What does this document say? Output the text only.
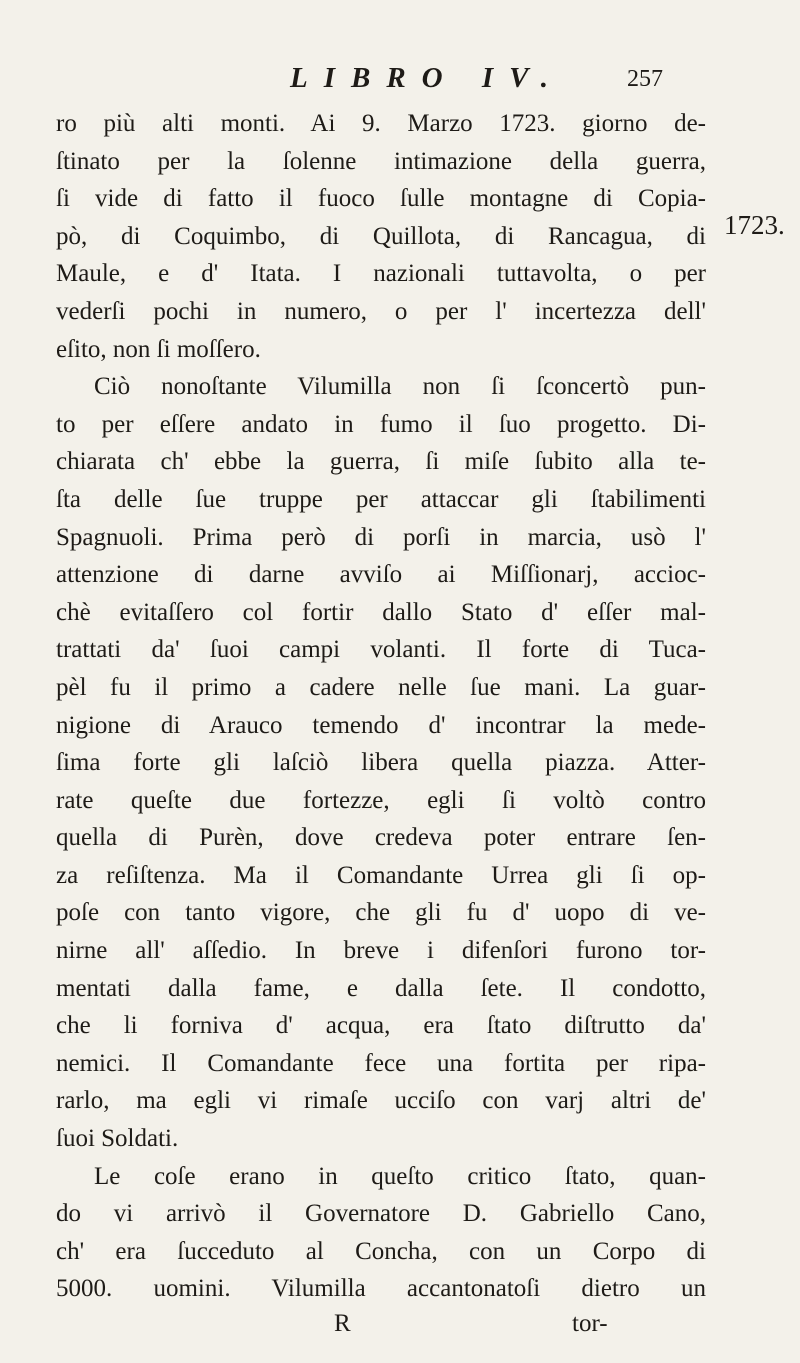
LIBRO IV.	257
1723.
ro più alti monti. Ai 9. Marzo 1723. giorno de-
ſtinato per la ſolenne intimazione della guerra,
ſi vide di fatto il fuoco ſulle montagne di Copia-
pò, di Coquimbo, di Quillota, di Rancagua, di
Maule, e d' Itata. I nazionali tuttavolta, o per
vederſi pochi in numero, o per l' incertezza dell'
eſito, non ſi moſſero.
Ciò nonoſtante Vilumilla non ſi ſconcertò pun-
to per eſſere andato in fumo il ſuo progetto. Di-
chiarata ch' ebbe la guerra, ſi miſe ſubito alla te-
ſta delle ſue truppe per attaccar gli ſtabilimenti
Spagnuoli. Prima però di porſi in marcia, usò l'
attenzione di darne avviſo ai Miſſionarj, accioc-
chè evitaſſero col fortir dallo Stato d' eſſer mal-
trattati da' ſuoi campi volanti. Il forte di Tuca-
pèl fu il primo a cadere nelle ſue mani. La guar-
nigione di Arauco temendo d' incontrar la mede-
ſima forte gli laſciò libera quella piazza. Atter-
rate queſte due fortezze, egli ſi voltò contro
quella di Purèn, dove credeva poter entrare ſen-
za reſiſtenza. Ma il Comandante Urrea gli ſi op-
poſe con tanto vigore, che gli fu d' uopo di ve-
nirne all' aſſedio. In breve i difenſori furono tor-
mentati dalla fame, e dalla ſete. Il condotto,
che li forniva d' acqua, era ſtato diſtrutto da'
nemici. Il Comandante fece una fortita per ripa-
rarlo, ma egli vi rimaſe ucciſo con varj altri de'
ſuoi Soldati.
Le coſe erano in queſto critico ſtato, quan-
do vi arrivò il Governatore D. Gabriello Cano,
ch' era ſucceduto al Concha, con un Corpo di
5000. uomini. Vilumilla accantonatoſi dietro un
R	tor-
